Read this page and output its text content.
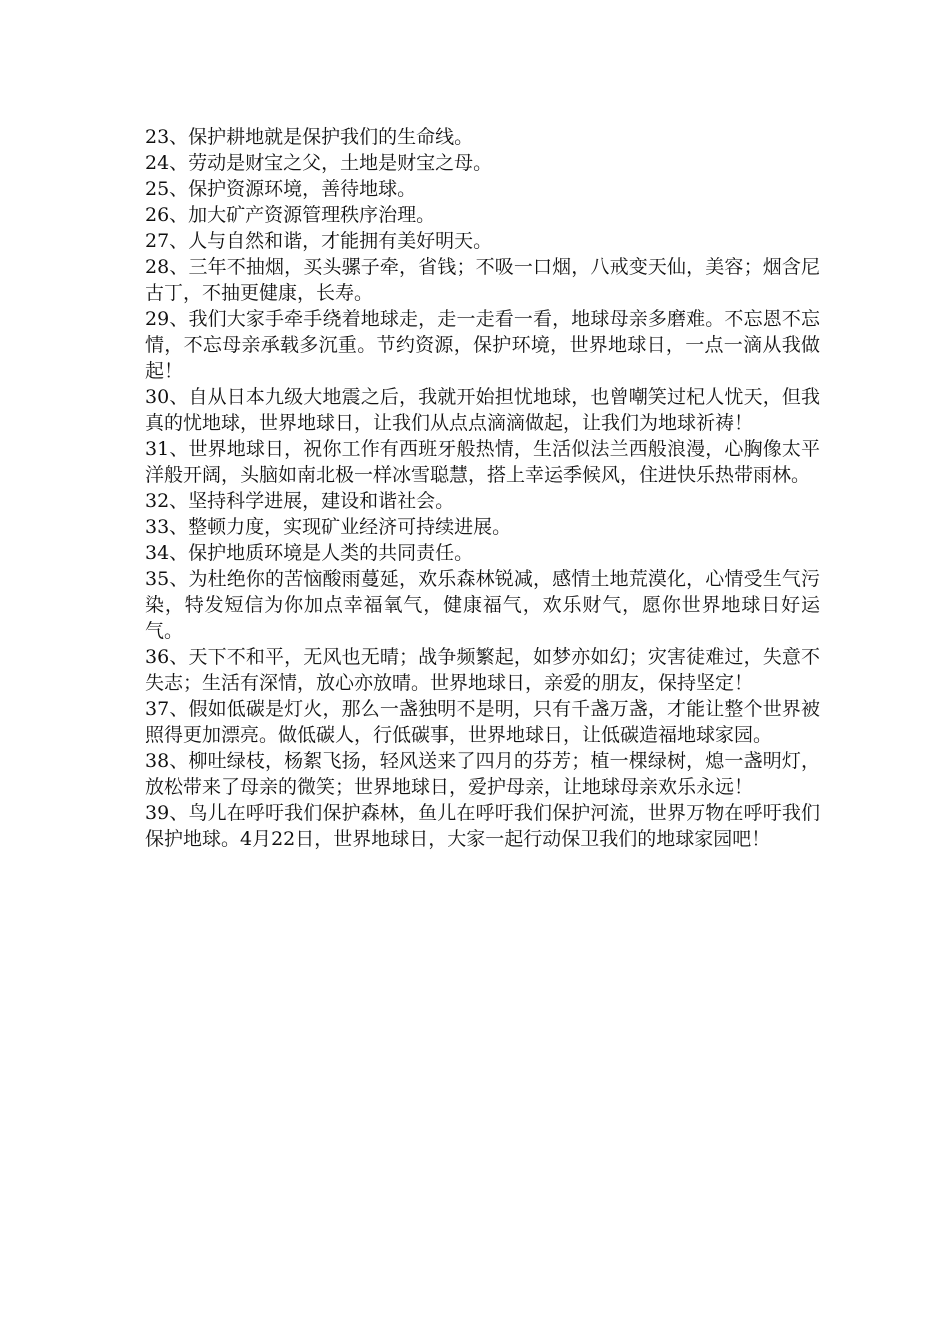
23、保护耕地就是保护我们的生命线。

24、劳动是财宝之父，土地是财宝之母。

25、保护资源环境，善待地球。

26、加大矿产资源管理秩序治理。

27、人与自然和谐，才能拥有美好明天。

28、三年不抽烟，买头骡子牵，省钱；不吸一口烟，八戒变天仙，美容；烟含尼古丁，不抽更健康，长寿。

29、我们大家手牵手绕着地球走，走一走看一看，地球母亲多磨难。不忘恩不忘情，不忘母亲承载多沉重。节约资源，保护环境，世界地球日，一点一滴从我做起！

30、自从日本九级大地震之后，我就开始担忧地球，也曾嘲笑过杞人忧天，但我真的忧地球，世界地球日，让我们从点点滴滴做起，让我们为地球祈祷！

31、世界地球日，祝你工作有西班牙般热情，生活似法兰西般浪漫，心胸像太平洋般开阔，头脑如南北极一样冰雪聪慧，搭上幸运季候风，住进快乐热带雨林。

32、坚持科学进展，建设和谐社会。

33、整顿力度，实现矿业经济可持续进展。

34、保护地质环境是人类的共同责任。

35、为杜绝你的苦恼酸雨蔓延，欢乐森林锐减，感情土地荒漠化，心情受生气污染，特发短信为你加点幸福氧气，健康福气，欢乐财气，愿你世界地球日好运气。

36、天下不和平，无风也无晴；战争频繁起，如梦亦如幻；灾害徒难过，失意不失志；生活有深情，放心亦放晴。世界地球日，亲爱的朋友，保持坚定！

37、假如低碳是灯火，那么一盏独明不是明，只有千盏万盏，才能让整个世界被照得更加漂亮。做低碳人，行低碳事，世界地球日，让低碳造福地球家园。

38、柳吐绿枝，杨絮飞扬，轻风送来了四月的芬芳；植一棵绿树，熄一盏明灯，放松带来了母亲的微笑；世界地球日，爱护母亲，让地球母亲欢乐永远！

39、鸟儿在呼吁我们保护森林，鱼儿在呼吁我们保护河流，世界万物在呼吁我们保护地球。4月22日，世界地球日，大家一起行动保卫我们的地球家园吧！
